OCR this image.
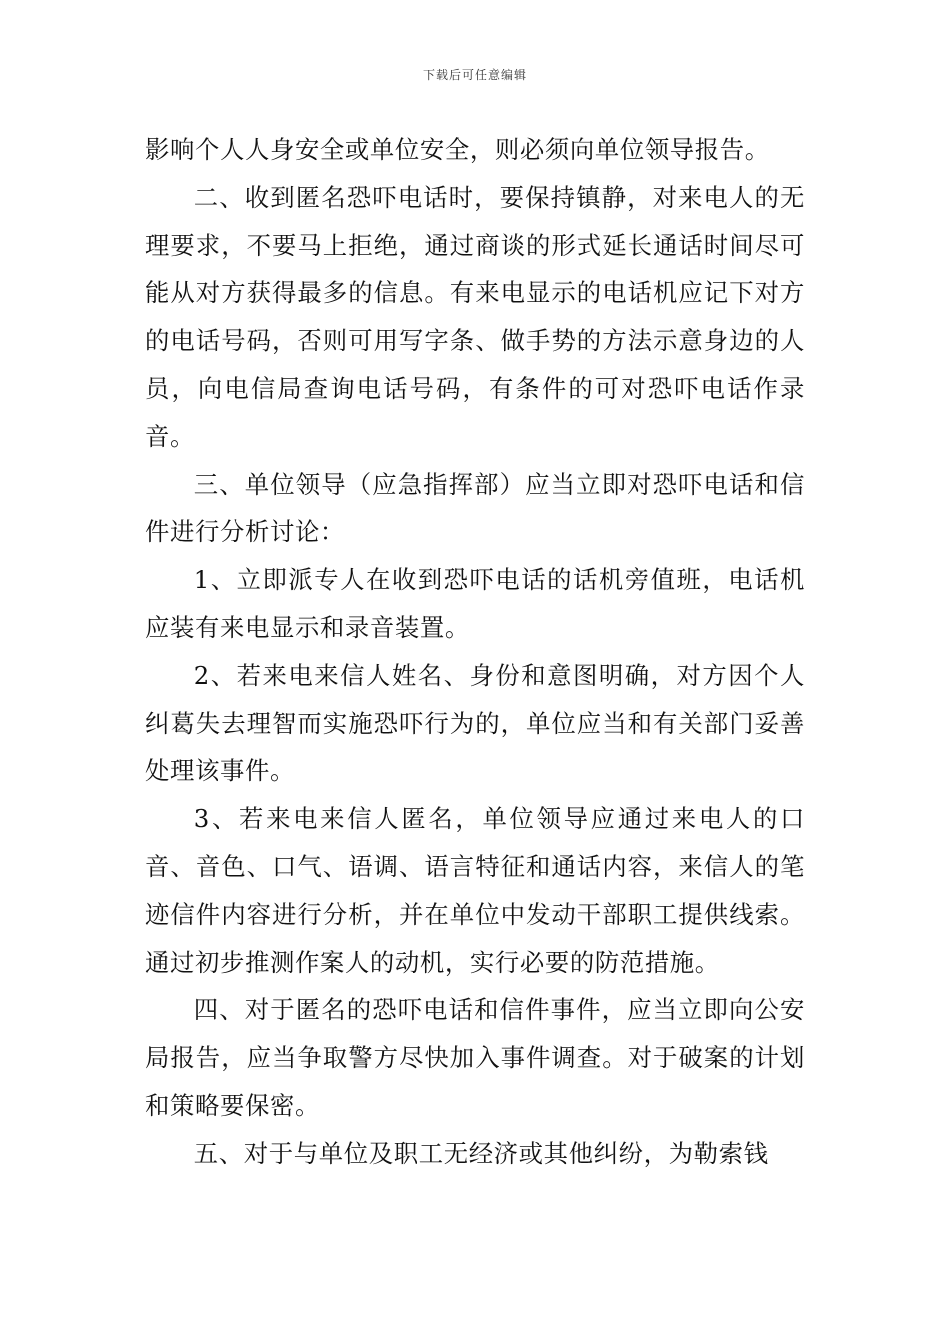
下载后可任意编辑

影响个人人身安全或单位安全，则必须向单位领导报告。

二、收到匿名恐吓电话时，要保持镇静，对来电人的无理要求，不要马上拒绝，通过商谈的形式延长通话时间尽可能从对方获得最多的信息。有来电显示的电话机应记下对方的电话号码，否则可用写字条、做手势的方法示意身边的人员，向电信局查询电话号码，有条件的可对恐吓电话作录音。

三、单位领导（应急指挥部）应当立即对恐吓电话和信件进行分析讨论：

1、立即派专人在收到恐吓电话的话机旁值班，电话机应装有来电显示和录音装置。

2、若来电来信人姓名、身份和意图明确，对方因个人纠葛失去理智而实施恐吓行为的，单位应当和有关部门妥善处理该事件。

3、若来电来信人匿名，单位领导应通过来电人的口音、音色、口气、语调、语言特征和通话内容，来信人的笔迹信件内容进行分析，并在单位中发动干部职工提供线索。通过初步推测作案人的动机，实行必要的防范措施。

四、对于匿名的恐吓电话和信件事件，应当立即向公安局报告，应当争取警方尽快加入事件调查。对于破案的计划和策略要保密。

五、对于与单位及职工无经济或其他纠纷，为勒索钱
